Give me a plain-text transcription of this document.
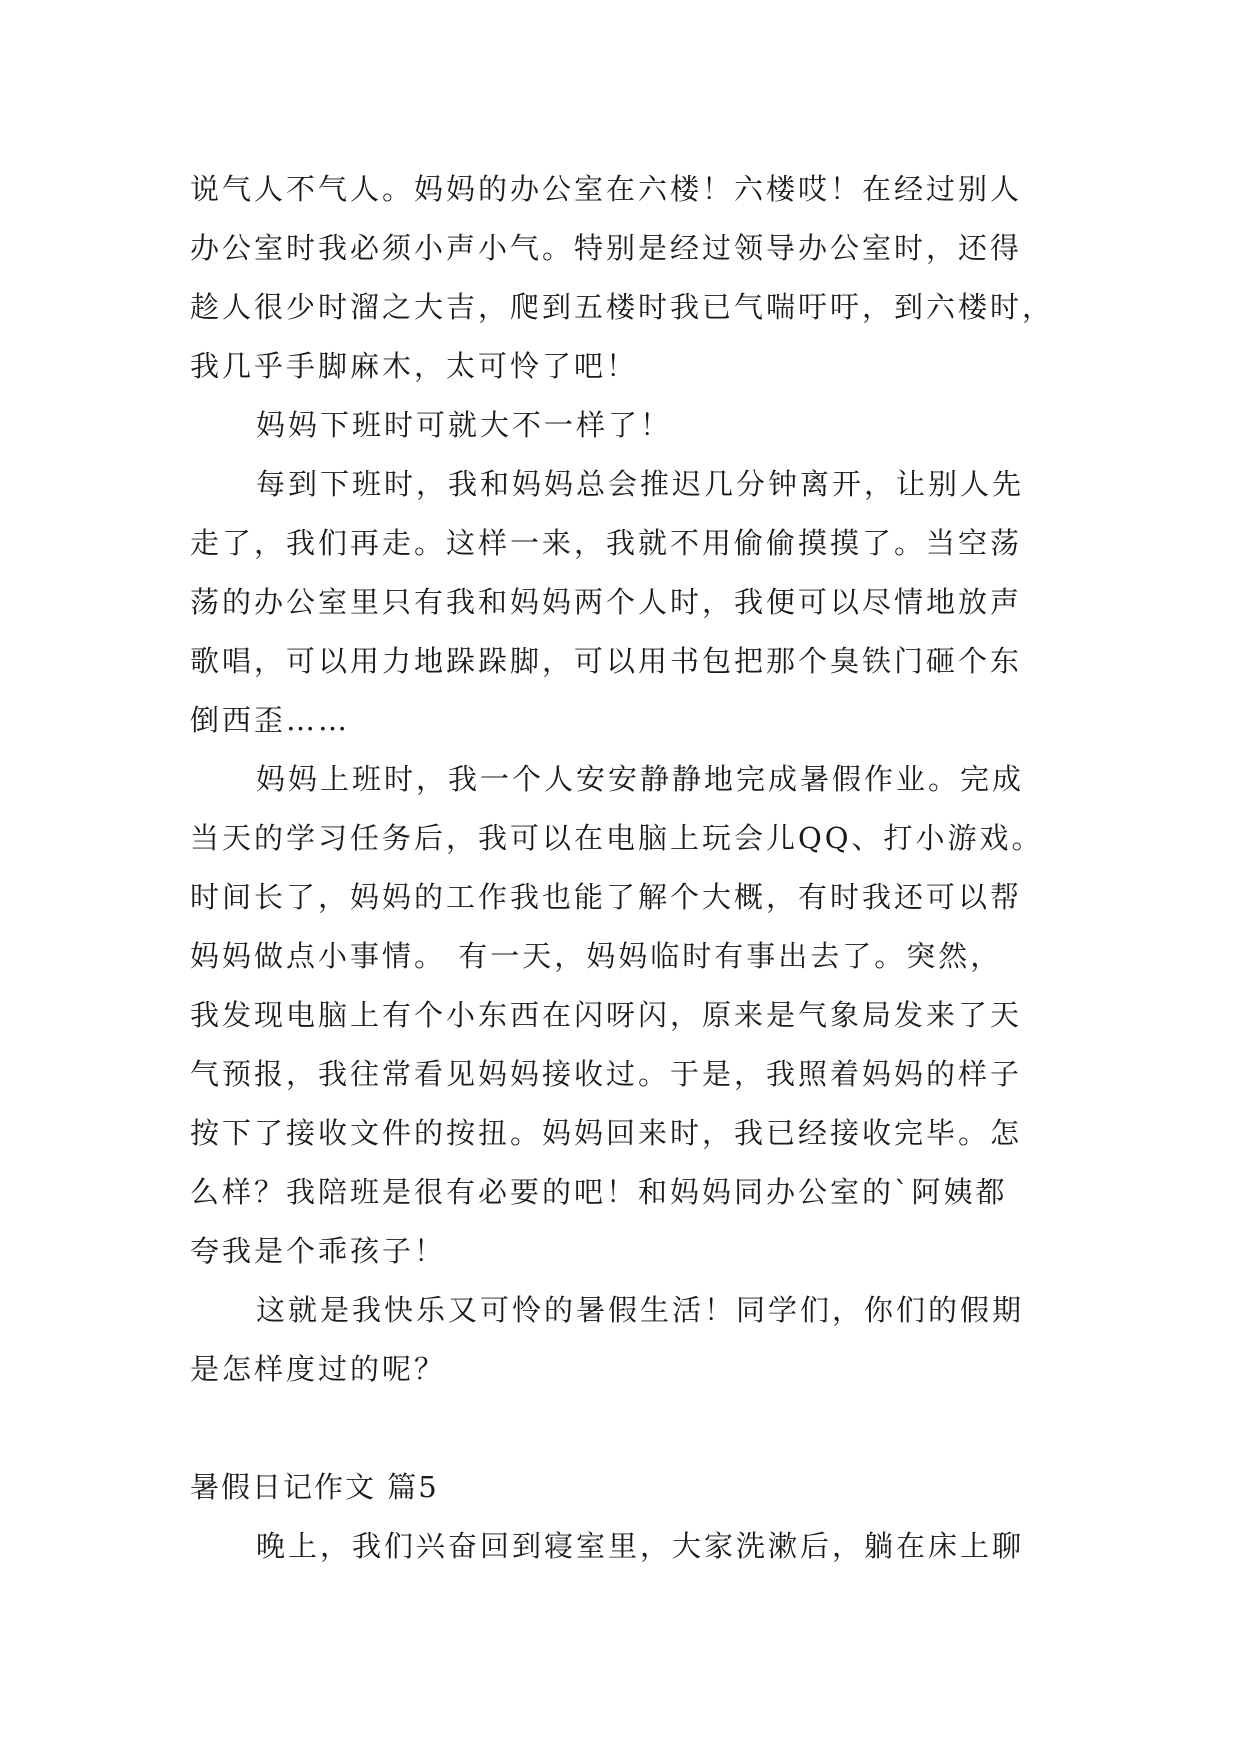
说气人不气人。妈妈的办公室在六楼！六楼哎！在经过别人
办公室时我必须小声小气。特别是经过领导办公室时，还得
趁人很少时溜之大吉，爬到五楼时我已气喘吁吁，到六楼时，
我几乎手脚麻木，太可怜了吧！
妈妈下班时可就大不一样了！
每到下班时，我和妈妈总会推迟几分钟离开，让别人先
走了，我们再走。这样一来，我就不用偷偷摸摸了。当空荡
荡的办公室里只有我和妈妈两个人时，我便可以尽情地放声
歌唱，可以用力地跺跺脚，可以用书包把那个臭铁门砸个东
倒西歪……
妈妈上班时，我一个人安安静静地完成暑假作业。完成
当天的学习任务后，我可以在电脑上玩会儿QQ、打小游戏。
时间长了，妈妈的工作我也能了解个大概，有时我还可以帮
妈妈做点小事情。 有一天，妈妈临时有事出去了。突然，
我发现电脑上有个小东西在闪呀闪，原来是气象局发来了天
气预报，我往常看见妈妈接收过。于是，我照着妈妈的样子
按下了接收文件的按扭。妈妈回来时，我已经接收完毕。怎
么样？我陪班是很有必要的吧！和妈妈同办公室的`阿姨都
夸我是个乖孩子！
这就是我快乐又可怜的暑假生活！同学们，你们的假期
是怎样度过的呢？
暑假日记作文 篇5
晚上，我们兴奋回到寝室里，大家洗漱后，躺在床上聊
